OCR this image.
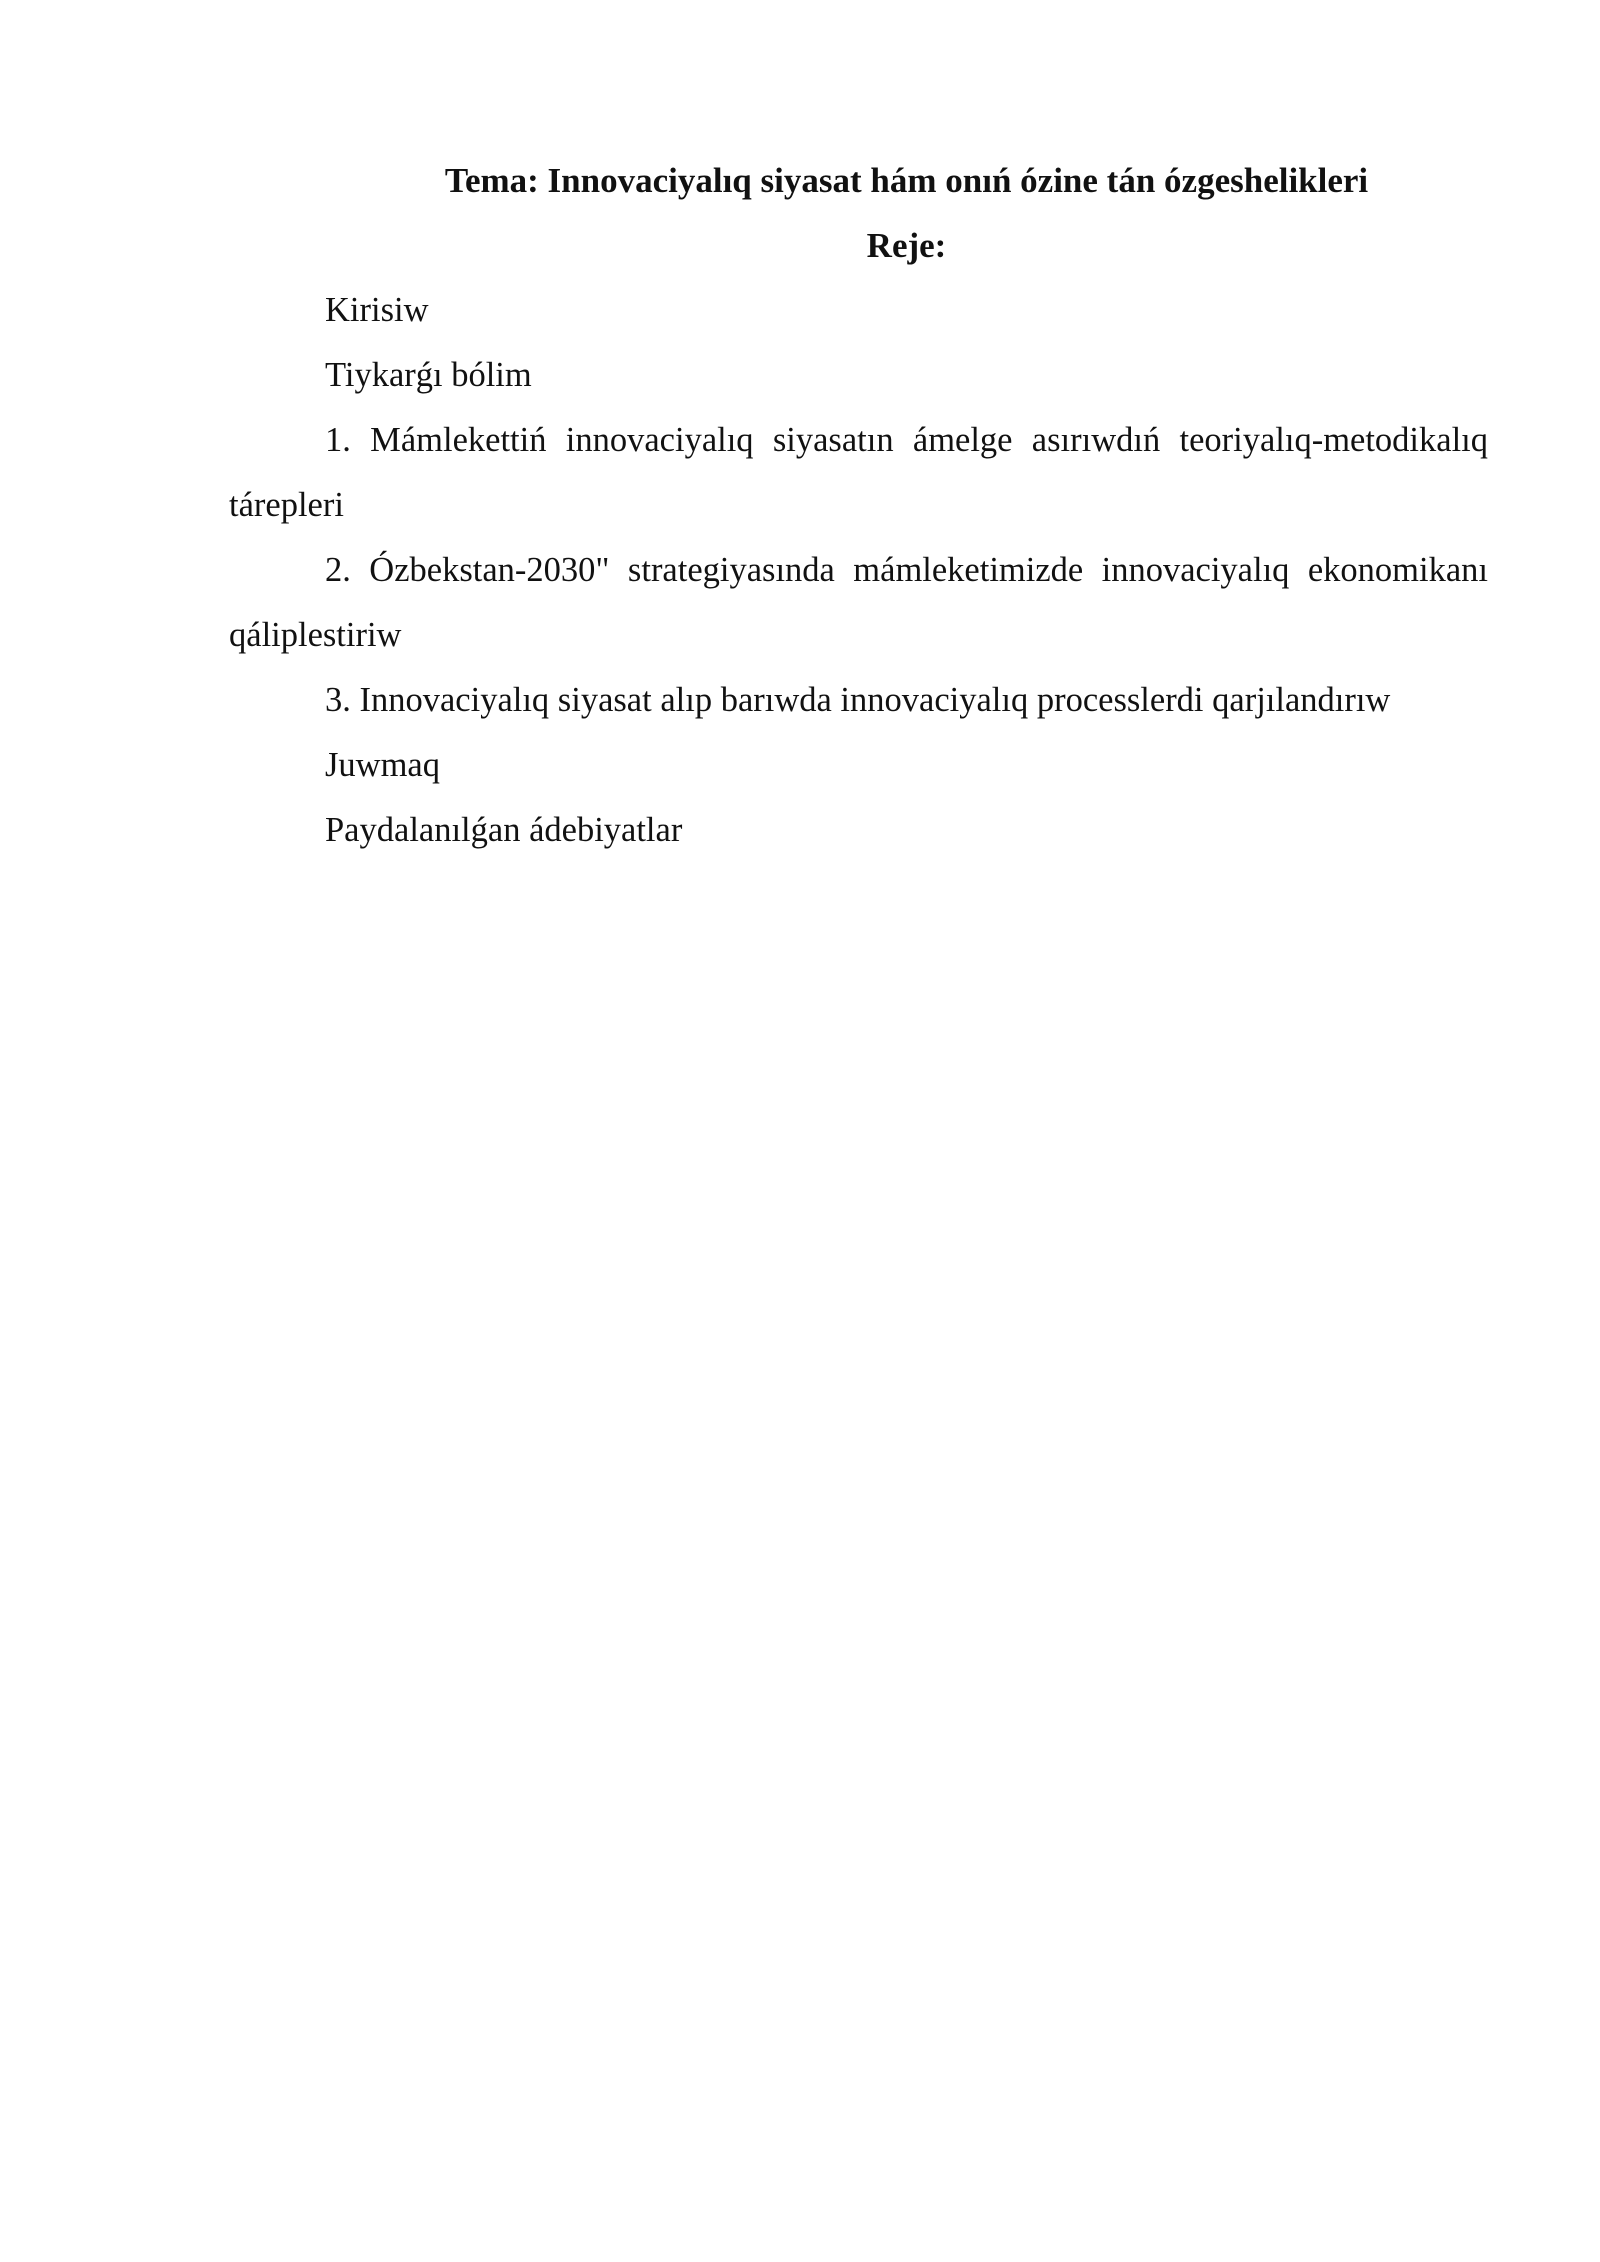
Tema: Innovaciyalıq siyasat hám onıń ózine tán ózgeshelikleri

Reje:

Kirisiw

Tiykarǵı bólim

1. Mámlekettiń innovaciyalıq siyasatın ámelge asırıwdıń teoriyalıq-metodikalıq tárepleri

2. Ózbekstan-2030" strategiyasında mámleketimizde innovaciyalıq ekonomikanı qáliplestiriw

3. Innovaciyalıq siyasat alıp barıwda innovaciyalıq processlerdi qarjılandırıw

Juwmaq

Paydalanılǵan ádebiyatlar
